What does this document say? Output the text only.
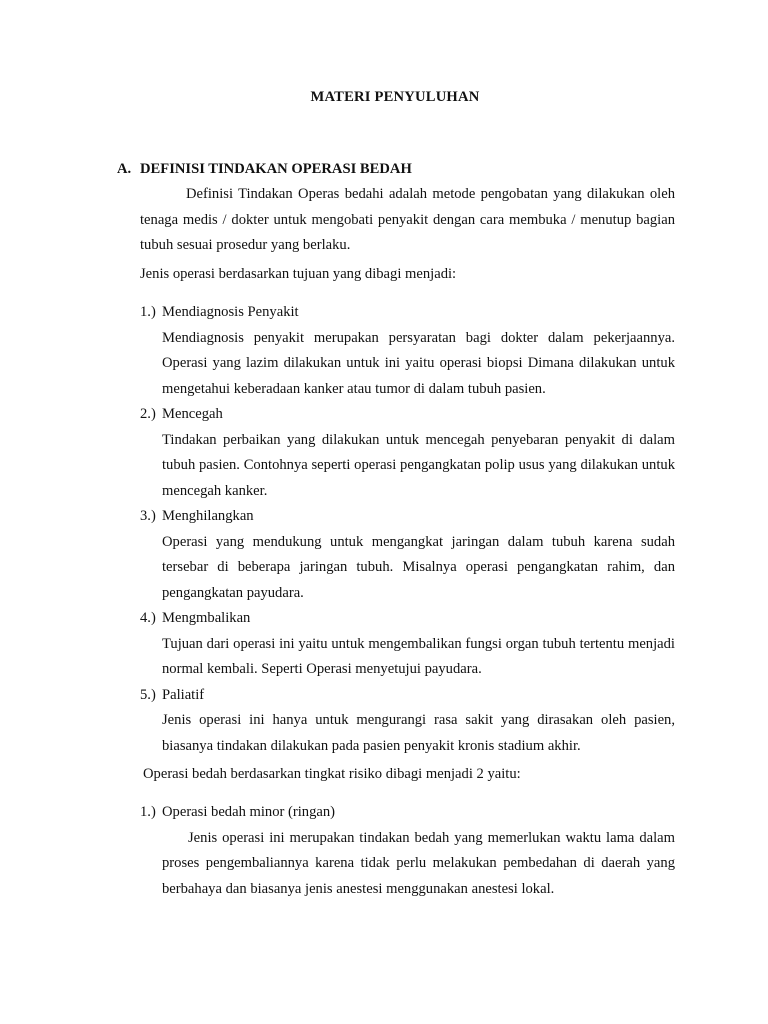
MATERI PENYULUHAN
A. DEFINISI TINDAKAN OPERASI BEDAH
Definisi Tindakan Operas bedahi adalah metode pengobatan yang dilakukan oleh tenaga medis / dokter untuk mengobati penyakit dengan cara membuka / menutup bagian tubuh sesuai prosedur yang berlaku.
Jenis operasi berdasarkan tujuan yang dibagi menjadi:
1.) Mendiagnosis Penyakit
Mendiagnosis penyakit merupakan persyaratan bagi dokter dalam pekerjaannya. Operasi yang lazim dilakukan untuk ini yaitu operasi biopsi Dimana dilakukan untuk mengetahui keberadaan kanker atau tumor di dalam tubuh pasien.
2.) Mencegah
Tindakan perbaikan yang dilakukan untuk mencegah penyebaran penyakit di dalam tubuh pasien. Contohnya seperti operasi pengangkatan polip usus yang dilakukan untuk mencegah kanker.
3.) Menghilangkan
Operasi yang mendukung untuk mengangkat jaringan dalam tubuh karena sudah tersebar di beberapa jaringan tubuh. Misalnya operasi pengangkatan rahim, dan pengangkatan payudara.
4.) Mengmbalikan
Tujuan dari operasi ini yaitu untuk mengembalikan fungsi organ tubuh tertentu menjadi normal kembali. Seperti Operasi menyetujui payudara.
5.) Paliatif
Jenis operasi ini hanya untuk mengurangi rasa sakit yang dirasakan oleh pasien, biasanya tindakan dilakukan pada pasien penyakit kronis stadium akhir.
Operasi bedah berdasarkan tingkat risiko dibagi menjadi 2 yaitu:
1.) Operasi bedah minor (ringan)
Jenis operasi ini merupakan tindakan bedah yang memerlukan waktu lama dalam proses pengembaliannya karena tidak perlu melakukan pembedahan di daerah yang berbahaya dan biasanya jenis anestesi menggunakan anestesi lokal.
